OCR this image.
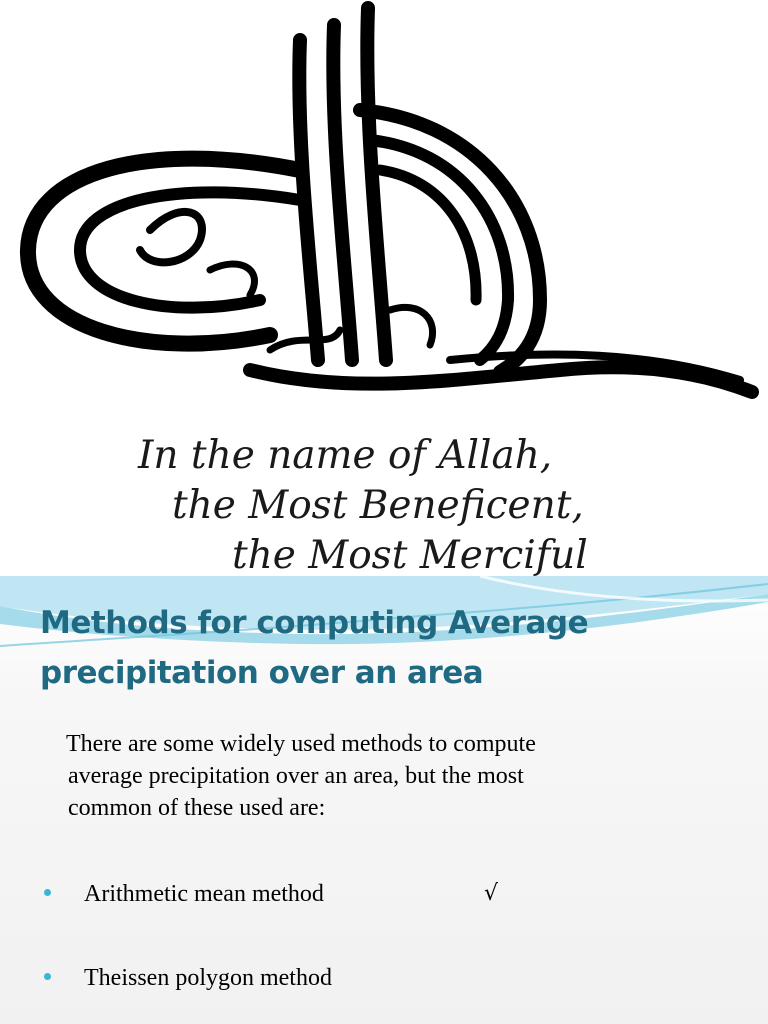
In the name of Allah,
the Most Beneficent,
the Most Merciful
Methods for computing Average
precipitation over an area
There are some widely used methods to compute
average precipitation over an area, but the most
common of these used are:
Arithmetic mean method	√
Theissen polygon method
